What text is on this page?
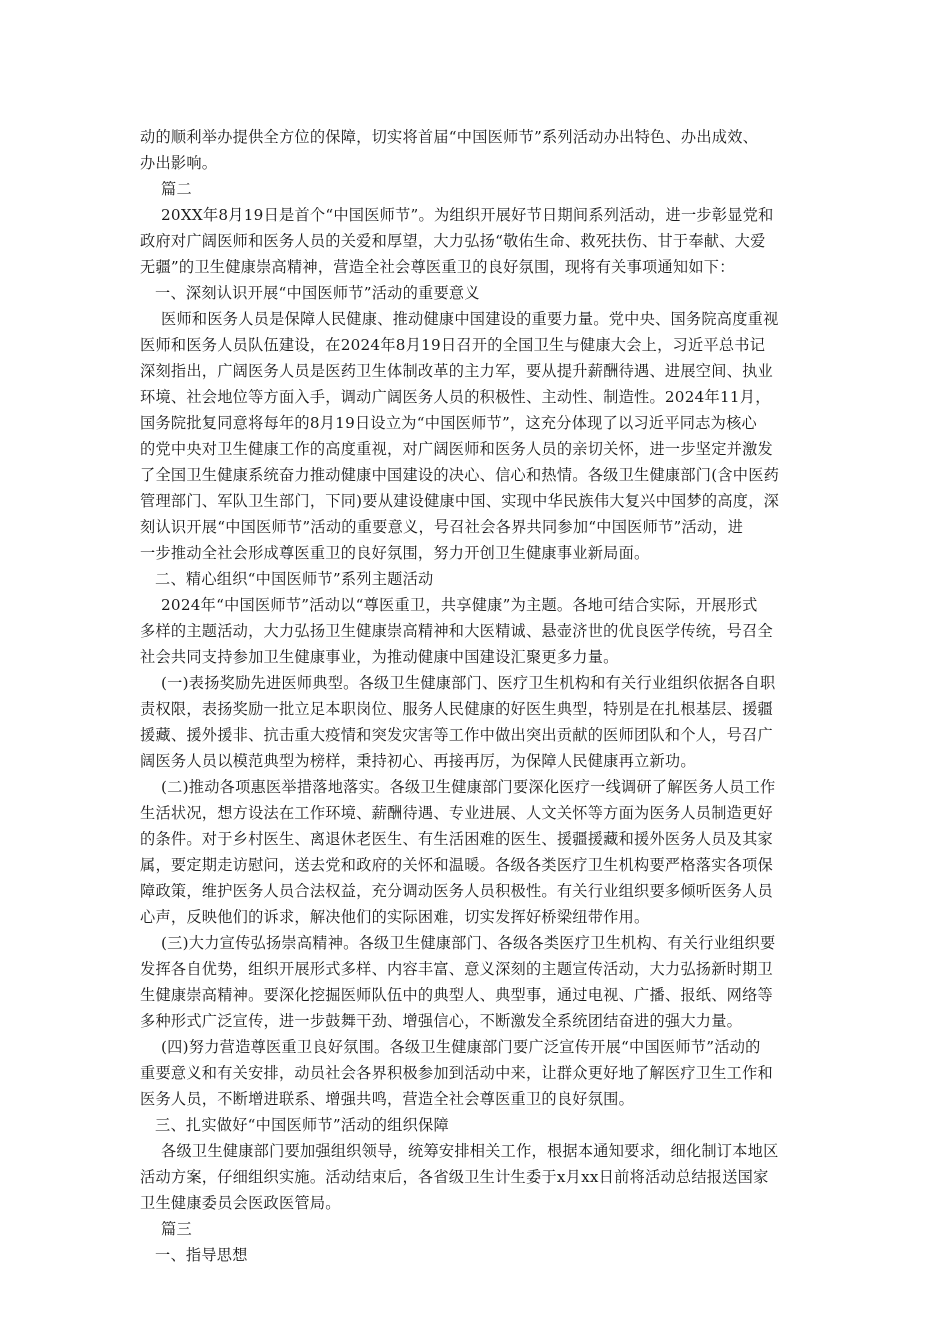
动的顺利举办提供全方位的保障，切实将首届“中国医师节”系列活动办出特色、办出成效、
办出影响。
篇二
20XX年8月19日是首个“中国医师节”。为组织开展好节日期间系列活动，进一步彰显党和
政府对广阔医师和医务人员的关爱和厚望，大力弘扬“敬佑生命、救死扶伤、甘于奉献、大爱
无疆”的卫生健康崇高精神，营造全社会尊医重卫的良好氛围，现将有关事项通知如下：
一、深刻认识开展“中国医师节”活动的重要意义
医师和医务人员是保障人民健康、推动健康中国建设的重要力量。党中央、国务院高度重视
医师和医务人员队伍建设，在2024年8月19日召开的全国卫生与健康大会上，习近平总书记
深刻指出，广阔医务人员是医药卫生体制改革的主力军，要从提升薪酬待遇、进展空间、执业
环境、社会地位等方面入手，调动广阔医务人员的积极性、主动性、制造性。2024年11月，
国务院批复同意将每年的8月19日设立为“中国医师节”，这充分体现了以习近平同志为核心
的党中央对卫生健康工作的高度重视，对广阔医师和医务人员的亲切关怀，进一步坚定并激发
了全国卫生健康系统奋力推动健康中国建设的决心、信心和热情。各级卫生健康部门(含中医药
管理部门、军队卫生部门，下同)要从建设健康中国、实现中华民族伟大复兴中国梦的高度，深
刻认识开展“中国医师节”活动的重要意义，号召社会各界共同参加“中国医师节”活动，进
一步推动全社会形成尊医重卫的良好氛围，努力开创卫生健康事业新局面。
二、精心组织“中国医师节”系列主题活动
2024年“中国医师节”活动以“尊医重卫，共享健康”为主题。各地可结合实际，开展形式
多样的主题活动，大力弘扬卫生健康崇高精神和大医精诚、悬壶济世的优良医学传统，号召全
社会共同支持参加卫生健康事业，为推动健康中国建设汇聚更多力量。
(一)表扬奖励先进医师典型。各级卫生健康部门、医疗卫生机构和有关行业组织依据各自职
责权限，表扬奖励一批立足本职岗位、服务人民健康的好医生典型，特别是在扎根基层、援疆
援藏、援外援非、抗击重大疫情和突发灾害等工作中做出突出贡献的医师团队和个人，号召广
阔医务人员以模范典型为榜样，秉持初心、再接再厉，为保障人民健康再立新功。
(二)推动各项惠医举措落地落实。各级卫生健康部门要深化医疗一线调研了解医务人员工作
生活状况，想方设法在工作环境、薪酬待遇、专业进展、人文关怀等方面为医务人员制造更好
的条件。对于乡村医生、离退休老医生、有生活困难的医生、援疆援藏和援外医务人员及其家
属，要定期走访慰问，送去党和政府的关怀和温暖。各级各类医疗卫生机构要严格落实各项保
障政策，维护医务人员合法权益，充分调动医务人员积极性。有关行业组织要多倾听医务人员
心声，反映他们的诉求，解决他们的实际困难，切实发挥好桥梁纽带作用。
(三)大力宣传弘扬崇高精神。各级卫生健康部门、各级各类医疗卫生机构、有关行业组织要
发挥各自优势，组织开展形式多样、内容丰富、意义深刻的主题宣传活动，大力弘扬新时期卫
生健康崇高精神。要深化挖掘医师队伍中的典型人、典型事，通过电视、广播、报纸、网络等
多种形式广泛宣传，进一步鼓舞干劲、增强信心，不断激发全系统团结奋进的强大力量。
(四)努力营造尊医重卫良好氛围。各级卫生健康部门要广泛宣传开展“中国医师节”活动的
重要意义和有关安排，动员社会各界积极参加到活动中来，让群众更好地了解医疗卫生工作和
医务人员，不断增进联系、增强共鸣，营造全社会尊医重卫的良好氛围。
三、扎实做好“中国医师节”活动的组织保障
各级卫生健康部门要加强组织领导，统筹安排相关工作，根据本通知要求，细化制订本地区
活动方案，仔细组织实施。活动结束后，各省级卫生计生委于x月xx日前将活动总结报送国家
卫生健康委员会医政医管局。
篇三
一、指导思想
